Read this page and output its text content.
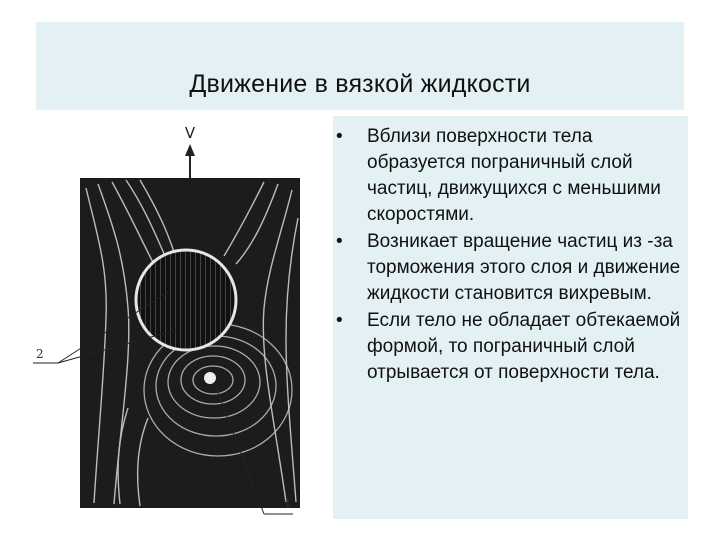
Движение в вязкой жидкости
V
2
1
• Вблизи поверхности тела образуется пограничный слой частиц, движущихся с меньшими скоростями.
• Возникает вращение частиц из -за торможения этого слоя и движение жидкости становится вихревым.
• Если тело не обладает обтекаемой формой, то пограничный слой отрывается от поверхности тела.
